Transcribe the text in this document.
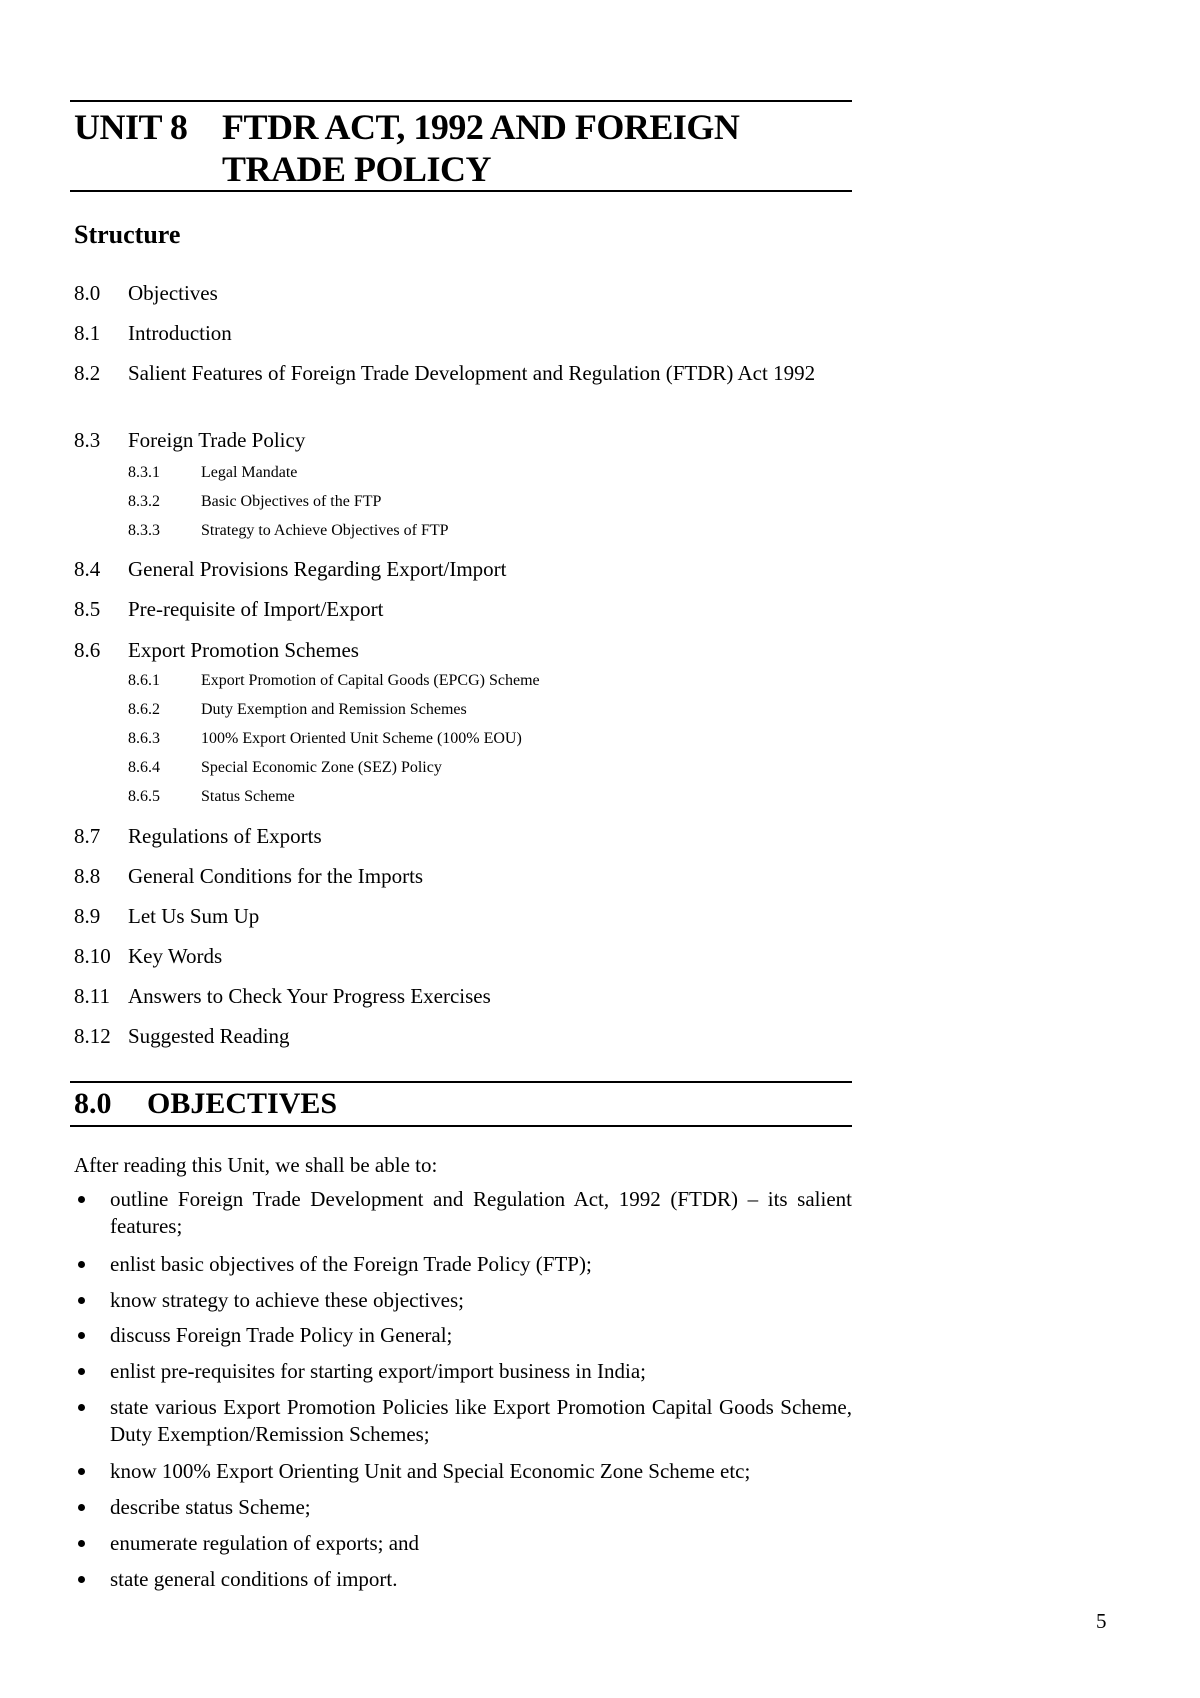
UNIT 8 FTDR ACT, 1992 AND FOREIGN TRADE POLICY
Structure
8.0 Objectives
8.1 Introduction
8.2 Salient Features of Foreign Trade Development and Regulation (FTDR) Act 1992
8.3 Foreign Trade Policy
8.3.1	Legal Mandate
8.3.2	Basic Objectives of the FTP
8.3.3	Strategy to Achieve Objectives of FTP
8.4 General Provisions Regarding Export/Import
8.5 Pre-requisite of Import/Export
8.6 Export Promotion Schemes
8.6.1	Export Promotion of Capital Goods (EPCG) Scheme
8.6.2	Duty Exemption and Remission Schemes
8.6.3	100% Export Oriented Unit Scheme (100% EOU)
8.6.4	Special Economic Zone (SEZ) Policy
8.6.5	Status Scheme
8.7 Regulations of Exports
8.8 General Conditions for the Imports
8.9 Let Us Sum Up
8.10 Key Words
8.11 Answers to Check Your Progress Exercises
8.12 Suggested Reading
8.0 OBJECTIVES
After reading this Unit, we shall be able to:
outline Foreign Trade Development and Regulation Act, 1992 (FTDR) – its salient features;
enlist basic objectives of the Foreign Trade Policy (FTP);
know strategy to achieve these objectives;
discuss Foreign Trade Policy in General;
enlist pre-requisites for starting export/import business in India;
state various Export Promotion Policies like Export Promotion Capital Goods Scheme, Duty Exemption/Remission Schemes;
know 100% Export Orienting Unit and Special Economic Zone Scheme etc;
describe status Scheme;
enumerate regulation of exports; and
state general conditions of import.
5
